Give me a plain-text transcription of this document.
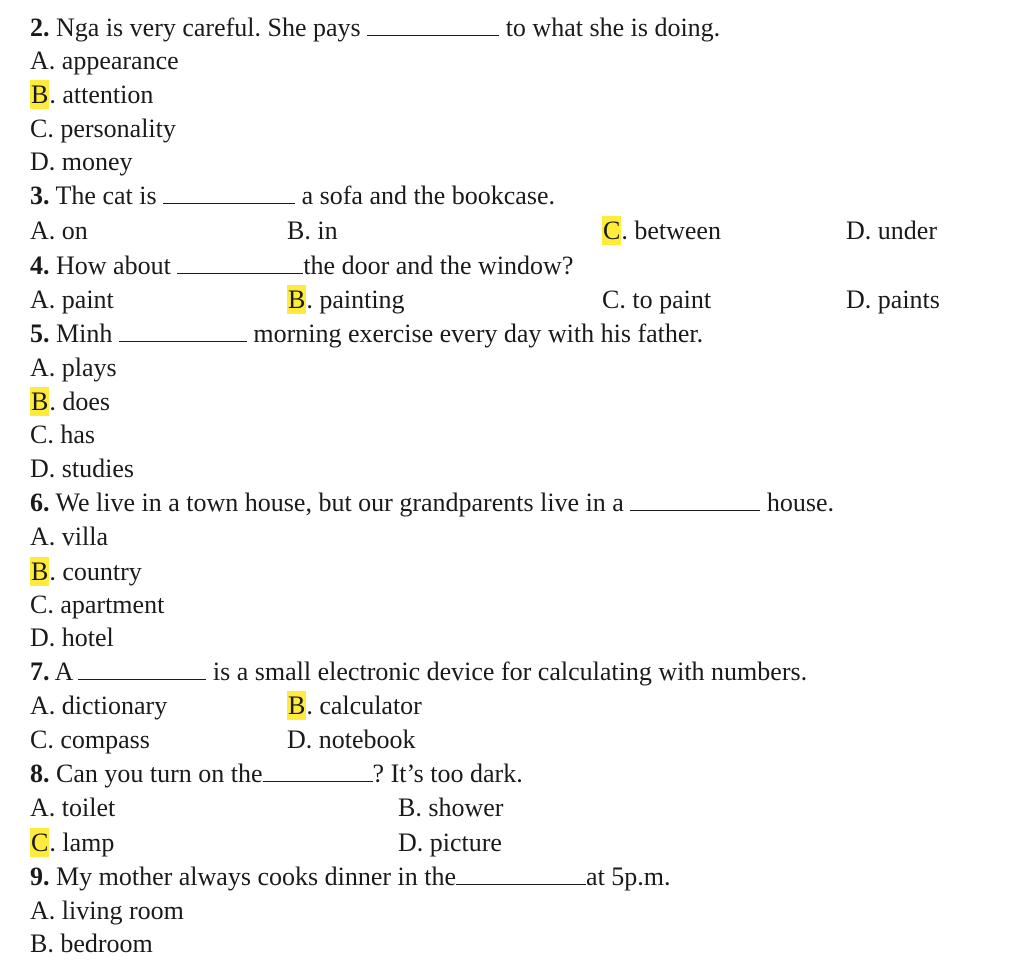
2. Nga is very careful. She pays	to what she is doing.
A. appearance
B. attention
C. personality
D. money
3. The cat is	a sofa and the bookcase.
A. on	B. in	C. between	D. under
4. How about	the door and the window?
A. paint	B. painting	C. to paint	D. paints
5. Minh	morning exercise every day with his father.
A. plays
B. does
C. has
D. studies
6. We live in a town house, but our grandparents live in a	house.
A. villa
B. country
C. apartment
D. hotel
7. A	is a small electronic device for calculating with numbers.
A. dictionary	B. calculator
C. compass	D. notebook
8. Can you turn on the	? It’s too dark.
A. toilet	B. shower
C. lamp	D. picture
9. My mother always cooks dinner in the	at 5p.m.
A. living room
B. bedroom
